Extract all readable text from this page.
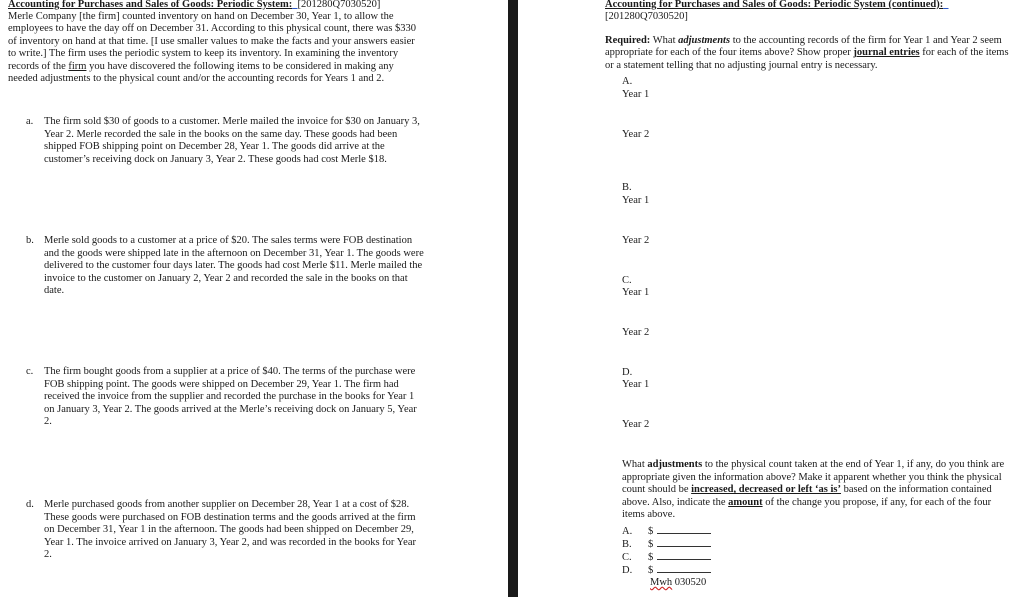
Accounting for Purchases and Sales of Goods: Periodic System: [201280Q7030520]

Merle Company [the firm] counted inventory on hand on December 30, Year 1, to allow the employees to have the day off on December 31. According to this physical count, there was $330 of inventory on hand at that time. [I use smaller values to make the facts and your answers easier to write.] The firm uses the periodic system to keep its inventory. In examining the inventory records of the firm you have discovered the following items to be considered in making any needed adjustments to the physical count and/or the accounting records for Years 1 and 2.

a.	The firm sold $30 of goods to a customer. Merle mailed the invoice for $30 on January 3, Year 2. Merle recorded the sale in the books on the same day. These goods had been shipped FOB shipping point on December 28, Year 1. The goods did arrive at the customer’s receiving dock on January 3, Year 2. These goods had cost Merle $18.
b. Merle sold goods to a customer at a price of $20. The sales terms were FOB destination and the goods were shipped late in the afternoon on December 31, Year 1. The goods were delivered to the customer four days later. The goods had cost Merle $11. Merle mailed the invoice to the customer on January 2, Year 2 and recorded the sale in the books on that date.
c.	The firm bought goods from a supplier at a price of $40. The terms of the purchase were FOB shipping point. The goods were shipped on December 29, Year 1. The firm had received the invoice from the supplier and recorded the purchase in the books for Year 1 on January 3, Year 2. The goods arrived at the Merle’s receiving dock on January 5, Year 2.
d. Merle purchased goods from another supplier on December 28, Year 1 at a cost of $28. These goods were purchased on FOB destination terms and the goods arrived at the firm on December 31, Year 1 in the afternoon. The goods had been shipped on December 29, Year 1. The invoice arrived on January 3, Year 2, and was recorded in the books for Year 2.

Accounting for Purchases and Sales of Goods: Periodic System (continued):
[201280Q7030520]

Required: What adjustments to the accounting records of the firm for Year 1 and Year 2 seem appropriate for each of the four items above? Show proper journal entries for each of the items or a statement telling that no adjusting journal entry is necessary.

A.
Year 1
Year 2
B.
Year 1
Year 2
C.
Year 1
Year 2
D.
Year 1
Year 2
What adjustments to the physical count taken at the end of Year 1, if any, do you think are appropriate given the information above? Make it apparent whether you think the physical count should be increased, decreased or left ‘as is’ based on the information contained above. Also, indicate the amount of the change you propose, if any, for each of the four items above.
A. $
B. $
C. $
D. $
Mwh 030520
